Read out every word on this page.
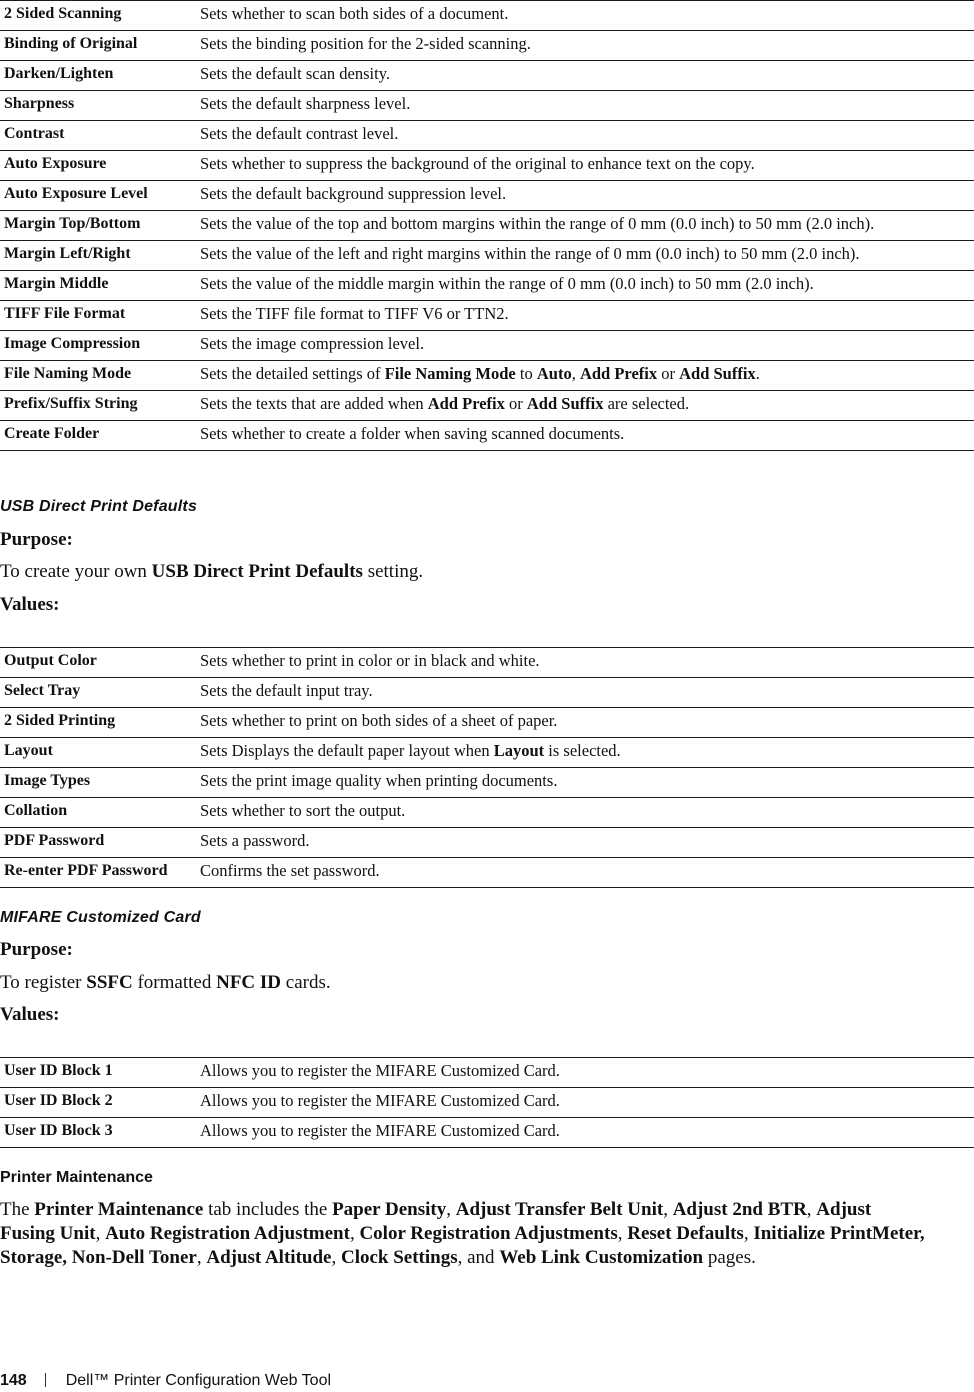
2 Sided Scanning	Sets whether to scan both sides of a document.
Binding of Original	Sets the binding position for the 2-sided scanning.
Darken/Lighten	Sets the default scan density.
Sharpness	Sets the default sharpness level.
Contrast	Sets the default contrast level.
Auto Exposure	Sets whether to suppress the background of the original to enhance text on the copy.
Auto Exposure Level	Sets the default background suppression level.
Margin Top/Bottom	Sets the value of the top and bottom margins within the range of 0 mm (0.0 inch) to 50 mm (2.0 inch).
Margin Left/Right	Sets the value of the left and right margins within the range of 0 mm (0.0 inch) to 50 mm (2.0 inch).
Margin Middle	Sets the value of the middle margin within the range of 0 mm (0.0 inch) to 50 mm (2.0 inch).
TIFF File Format	Sets the TIFF file format to TIFF V6 or TTN2.
Image Compression	Sets the image compression level.
File Naming Mode	Sets the detailed settings of File Naming Mode to Auto, Add Prefix or Add Suffix.
Prefix/Suffix String	Sets the texts that are added when Add Prefix or Add Suffix are selected.
Create Folder	Sets whether to create a folder when saving scanned documents.
USB Direct Print Defaults

Purpose:

To create your own USB Direct Print Defaults setting.

Values:

Output Color	Sets whether to print in color or in black and white.
Select Tray	Sets the default input tray.
2 Sided Printing	Sets whether to print on both sides of a sheet of paper.
Layout	Sets Displays the default paper layout when Layout is selected.
Image Types	Sets the print image quality when printing documents.
Collation	Sets whether to sort the output.
PDF Password	Sets a password.
Re-enter PDF Password	Confirms the set password.
MIFARE Customized Card

Purpose:

To register SSFC formatted NFC ID cards.

Values:

User ID Block 1	Allows you to register the MIFARE Customized Card.
User ID Block 2	Allows you to register the MIFARE Customized Card.
User ID Block 3	Allows you to register the MIFARE Customized Card.
Printer Maintenance

The Printer Maintenance tab includes the Paper Density, Adjust Transfer Belt Unit, Adjust 2nd BTR, Adjust Fusing Unit, Auto Registration Adjustment, Color Registration Adjustments, Reset Defaults, Initialize PrintMeter, Storage, Non-Dell Toner, Adjust Altitude, Clock Settings, and Web Link Customization pages.

148 Dell™ Printer Configuration Web Tool
